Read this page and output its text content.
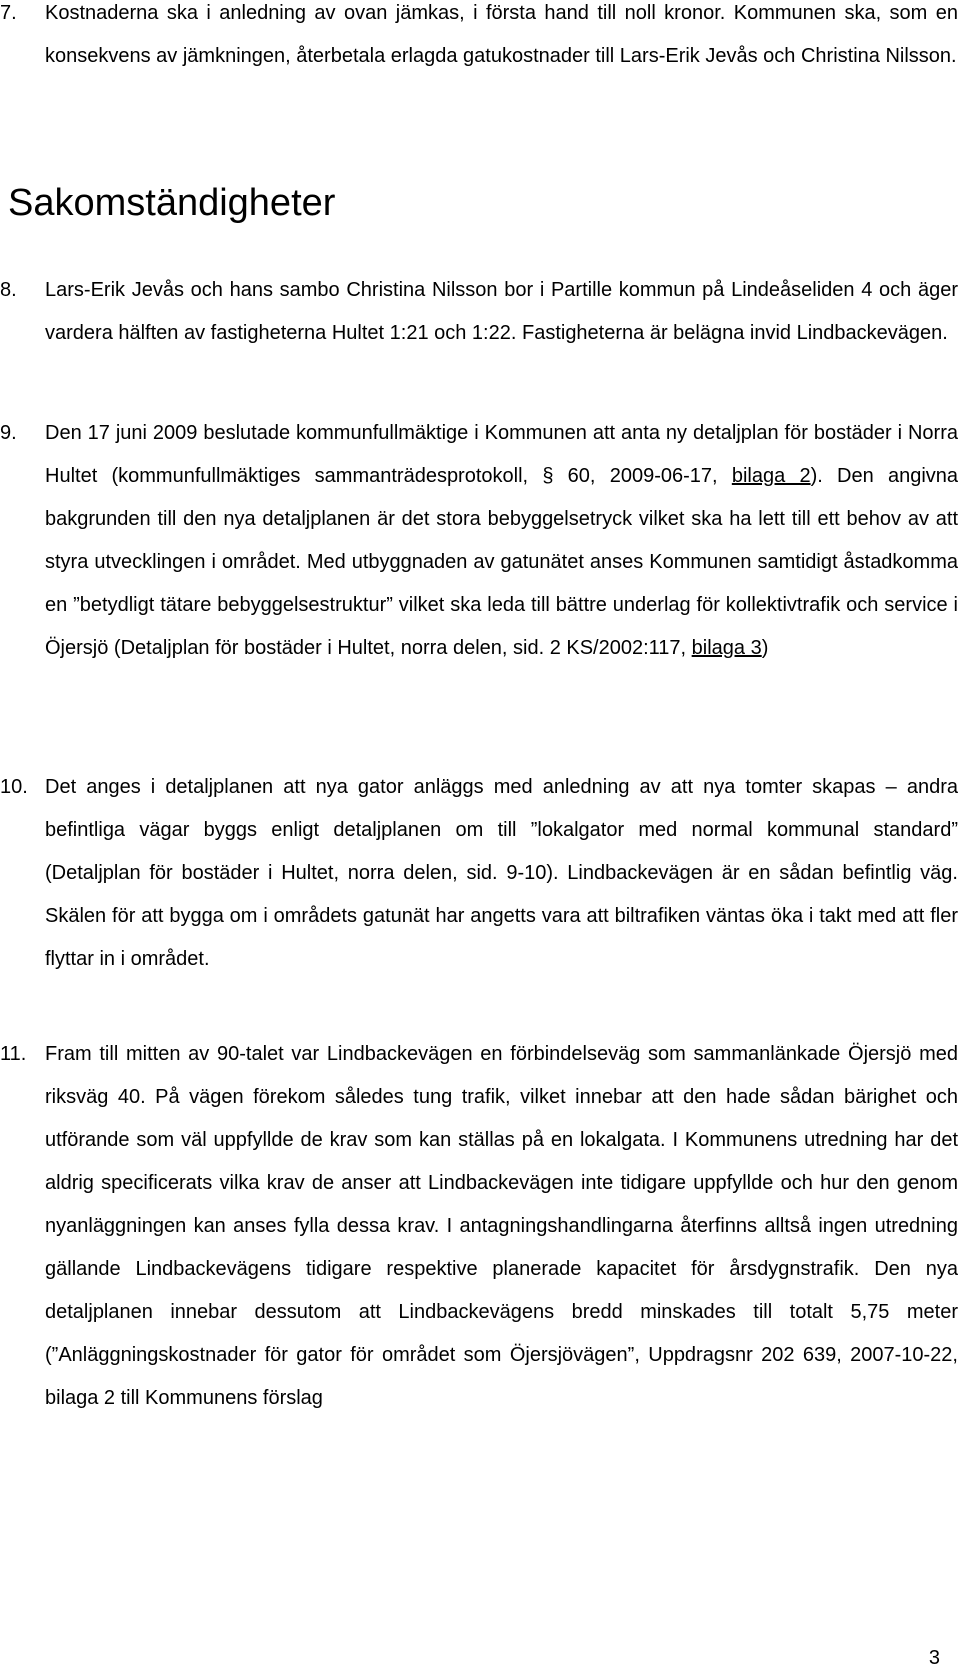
7. Kostnaderna ska i anledning av ovan jämkas, i första hand till noll kronor. Kommunen ska, som en konsekvens av jämkningen, återbetala erlagda gatukostnader till Lars-Erik Jevås och Christina Nilsson.
Sakomständigheter
8. Lars-Erik Jevås och hans sambo Christina Nilsson bor i Partille kommun på Lindeåseliden 4 och äger vardera hälften av fastigheterna Hultet 1:21 och 1:22. Fastigheterna är belägna invid Lindbackevägen.
9. Den 17 juni 2009 beslutade kommunfullmäktige i Kommunen att anta ny detaljplan för bostäder i Norra Hultet (kommunfullmäktiges sammanträdesprotokoll, § 60, 2009-06-17, bilaga 2). Den angivna bakgrunden till den nya detaljplanen är det stora bebyggelsetryck vilket ska ha lett till ett behov av att styra utvecklingen i området. Med utbyggnaden av gatunätet anses Kommunen samtidigt åstadkomma en ”betydligt tätare bebyggelsestruktur” vilket ska leda till bättre underlag för kollektivtrafik och service i Öjersjö (Detaljplan för bostäder i Hultet, norra delen, sid. 2 KS/2002:117, bilaga 3)
10. Det anges i detaljplanen att nya gator anläggs med anledning av att nya tomter skapas – andra befintliga vägar byggs enligt detaljplanen om till ”lokalgator med normal kommunal standard” (Detaljplan för bostäder i Hultet, norra delen, sid. 9-10). Lindbackevägen är en sådan befintlig väg. Skälen för att bygga om i områdets gatunät har angetts vara att biltrafiken väntas öka i takt med att fler flyttar in i området.
11. Fram till mitten av 90-talet var Lindbackevägen en förbindelseväg som sammanlänkade Öjersjö med riksväg 40. På vägen förekom således tung trafik, vilket innebar att den hade sådan bärighet och utförande som väl uppfyllde de krav som kan ställas på en lokalgata. I Kommunens utredning har det aldrig specificerats vilka krav de anser att Lindbackevägen inte tidigare uppfyllde och hur den genom nyanläggningen kan anses fylla dessa krav. I antagningshandlingarna återfinns alltså ingen utredning gällande Lindbackevägens tidigare respektive planerade kapacitet för årsdygnstrafik. Den nya detaljplanen innebar dessutom att Lindbackevägens bredd minskades till totalt 5,75 meter (”Anläggningskostnader för gator för området som Öjersjövägen”, Uppdragsnr 202 639, 2007-10-22, bilaga 2 till Kommunens förslag
3
